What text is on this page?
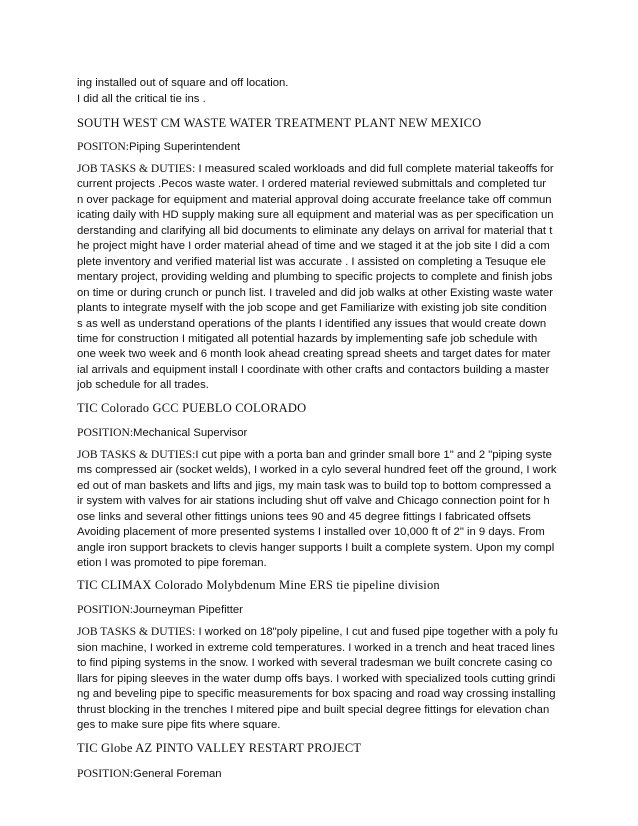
ing installed out of square and off location.

I did all the critical tie ins .

SOUTH WEST CM WASTE WATER TREATMENT PLANT NEW MEXICO

POSITON:Piping Superintendent

JOB TASKS & DUTIES: I measured scaled workloads and did full complete material takeoffs for
current projects .Pecos waste water. I ordered material reviewed submittals and completed tur
n over package for equipment and material approval doing accurate freelance take off commun
icating daily with HD supply making sure all equipment and material was as per specification un
derstanding and clarifying all bid documents to eliminate any delays on arrival for material that t
he project might have I order material ahead of time and we staged it at the job site I did a com
plete inventory and verified material list was accurate . I assisted on completing a Tesuque ele
mentary project, providing welding and plumbing to specific projects to complete and finish jobs
on time or during crunch or punch list. I traveled and did job walks at other Existing waste water
plants to integrate myself with the job scope and get Familiarize with existing job site condition
s as well as understand operations of the plants I identified any issues that would create down
time for construction I mitigated all potential hazards by implementing safe job schedule with
one week two week and 6 month look ahead creating spread sheets and target dates for mater
ial arrivals and equipment install I coordinate with other crafts and contactors building a master
job schedule for all trades.

TIC Colorado GCC PUEBLO COLORADO

POSITION:Mechanical Supervisor

JOB TASKS & DUTIES:I cut pipe with a porta ban and grinder small bore 1" and 2 "piping syste
ms compressed air (socket welds), I worked in a cylo several hundred feet off the ground, I work
ed out of man baskets and lifts and jigs, my main task was to build top to bottom compressed a
ir system with valves for air stations including shut off valve and Chicago connection point for h
ose links and several other fittings unions tees 90 and 45 degree fittings I fabricated offsets
Avoiding placement of more presented systems I installed over 10,000 ft of 2" in 9 days. From
angle iron support brackets to clevis hanger supports I built a complete system. Upon my compl
etion I was promoted to pipe foreman.

TIC CLIMAX Colorado Molybdenum Mine ERS tie pipeline division

POSITION:Journeyman Pipefitter

JOB TASKS & DUTIES: I worked on 18"poly pipeline, I cut and fused pipe together with a poly fu
sion machine, I worked in extreme cold temperatures. I worked in a trench and heat traced lines
to find piping systems in the snow. I worked with several tradesman we built concrete casing co
llars for piping sleeves in the water dump offs bays. I worked with specialized tools cutting grindi
ng and beveling pipe to specific measurements for box spacing and road way crossing installing
thrust blocking in the trenches I mitered pipe and built special degree fittings for elevation chan
ges to make sure pipe fits where square.

TIC Globe AZ PINTO VALLEY RESTART PROJECT

POSITION:General Foreman
